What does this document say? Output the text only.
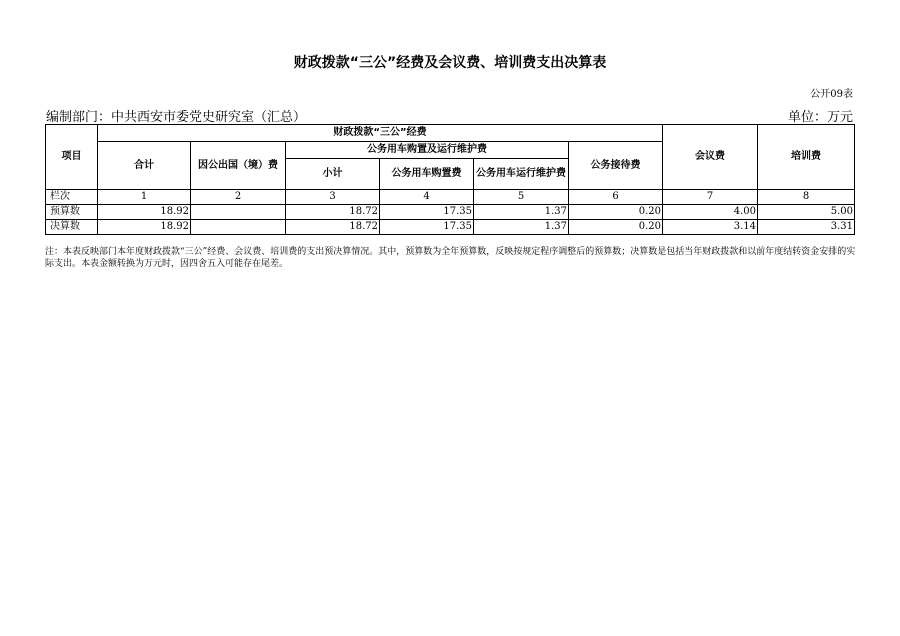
财政拨款“三公”经费及会议费、培训费支出决算表
公开09表
编制部门：中共西安市委党史研究室（汇总）	单位：万元
项目	财政拨款“三公”经费						会议费	培训费
	合计	因公出国（境）费	公务用车购置及运行维护费			公务接待费		
			小计	公务用车购置费	公务用车运行维护费			
栏次	1	2	3	4	5	6	7	8
预算数	18.92		18.72	17.35	1.37	0.20	4.00	5.00
决算数	18.92		18.72	17.35	1.37	0.20	3.14	3.31
注：本表反映部门本年度财政拨款“三公”经费、会议费、培训费的支出预决算情况。其中，预算数为全年预算数，反映按规定程序调整后的预算数；决算数是包括当年财政拨款和以前年度结转资金安排的实际支出。本表金额转换为万元时，因四舍五入可能存在尾差。
